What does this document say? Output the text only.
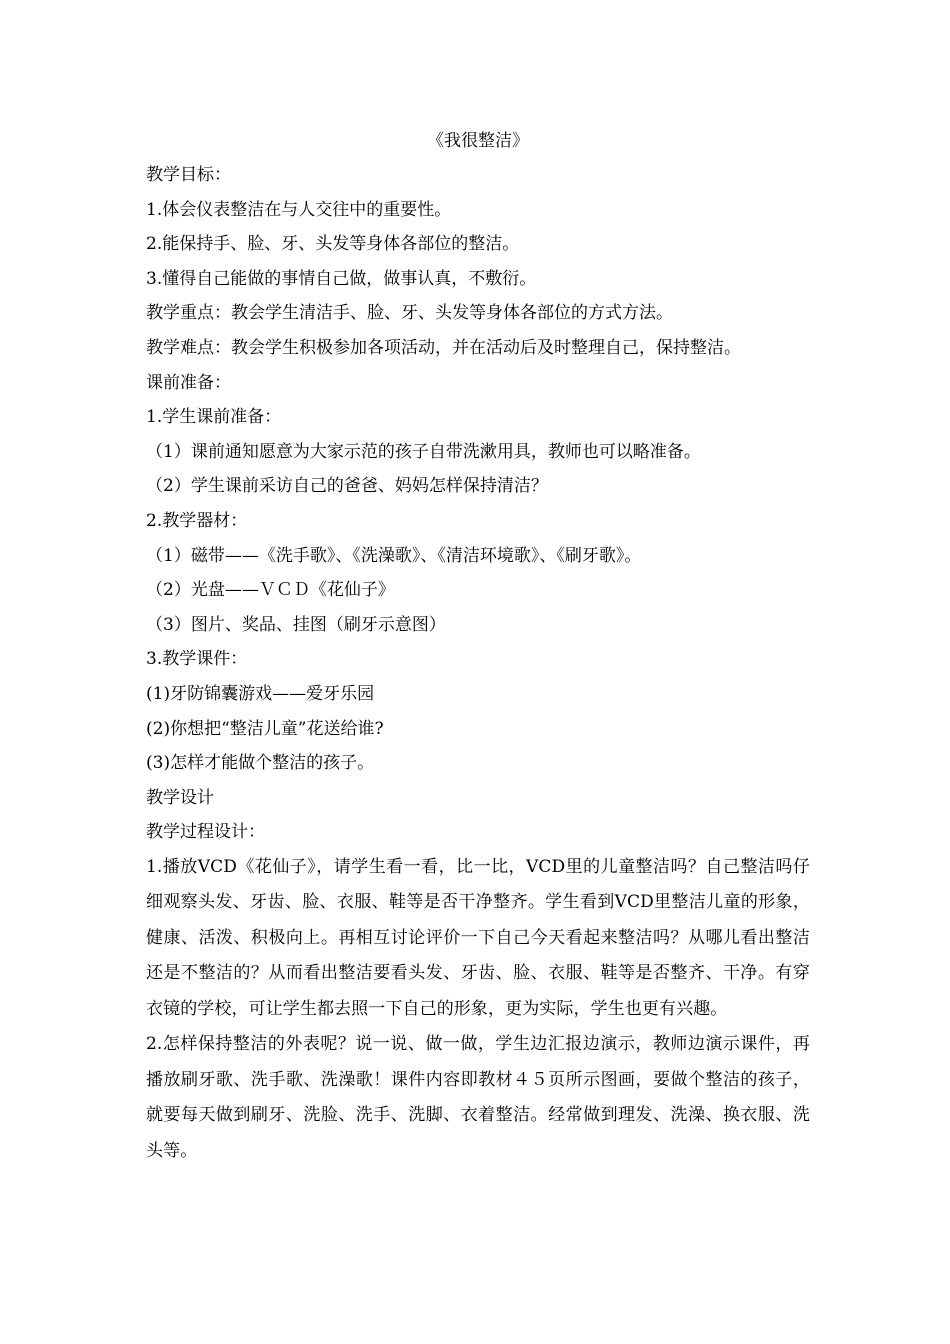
《我很整洁》

教学目标：

1.体会仪表整洁在与人交往中的重要性。

2.能保持手、脸、牙、头发等身体各部位的整洁。

3.懂得自己能做的事情自己做，做事认真，不敷衍。

教学重点：教会学生清洁手、脸、牙、头发等身体各部位的方式方法。

教学难点：教会学生积极参加各项活动，并在活动后及时整理自己，保持整洁。

课前准备：

1.学生课前准备：

（1）课前通知愿意为大家示范的孩子自带洗漱用具，教师也可以略准备。

（2）学生课前采访自己的爸爸、妈妈怎样保持清洁？

2.教学器材：

（1）磁带——《洗手歌》、《洗澡歌》、《清洁环境歌》、《刷牙歌》。

（2）光盘——ＶＣＤ《花仙子》

（3）图片、奖品、挂图（刷牙示意图）

3.教学课件：

(1)牙防锦囊游戏——爱牙乐园

(2)你想把“整洁儿童”花送给谁?

(3)怎样才能做个整洁的孩子。

教学设计

教学过程设计：

1.播放VCD《花仙子》，请学生看一看，比一比，VCD里的儿童整洁吗？自己整洁吗仔细观察头发、牙齿、脸、衣服、鞋等是否干净整齐。学生看到VCD里整洁儿童的形象，健康、活泼、积极向上。再相互讨论评价一下自己今天看起来整洁吗？从哪儿看出整洁还是不整洁的？从而看出整洁要看头发、牙齿、脸、衣服、鞋等是否整齐、干净。有穿衣镜的学校，可让学生都去照一下自己的形象，更为实际，学生也更有兴趣。

2.怎样保持整洁的外表呢？说一说、做一做，学生边汇报边演示，教师边演示课件，再播放刷牙歌、洗手歌、洗澡歌！课件内容即教材４５页所示图画，要做个整洁的孩子，就要每天做到刷牙、洗脸、洗手、洗脚、衣着整洁。经常做到理发、洗澡、换衣服、洗头等。
